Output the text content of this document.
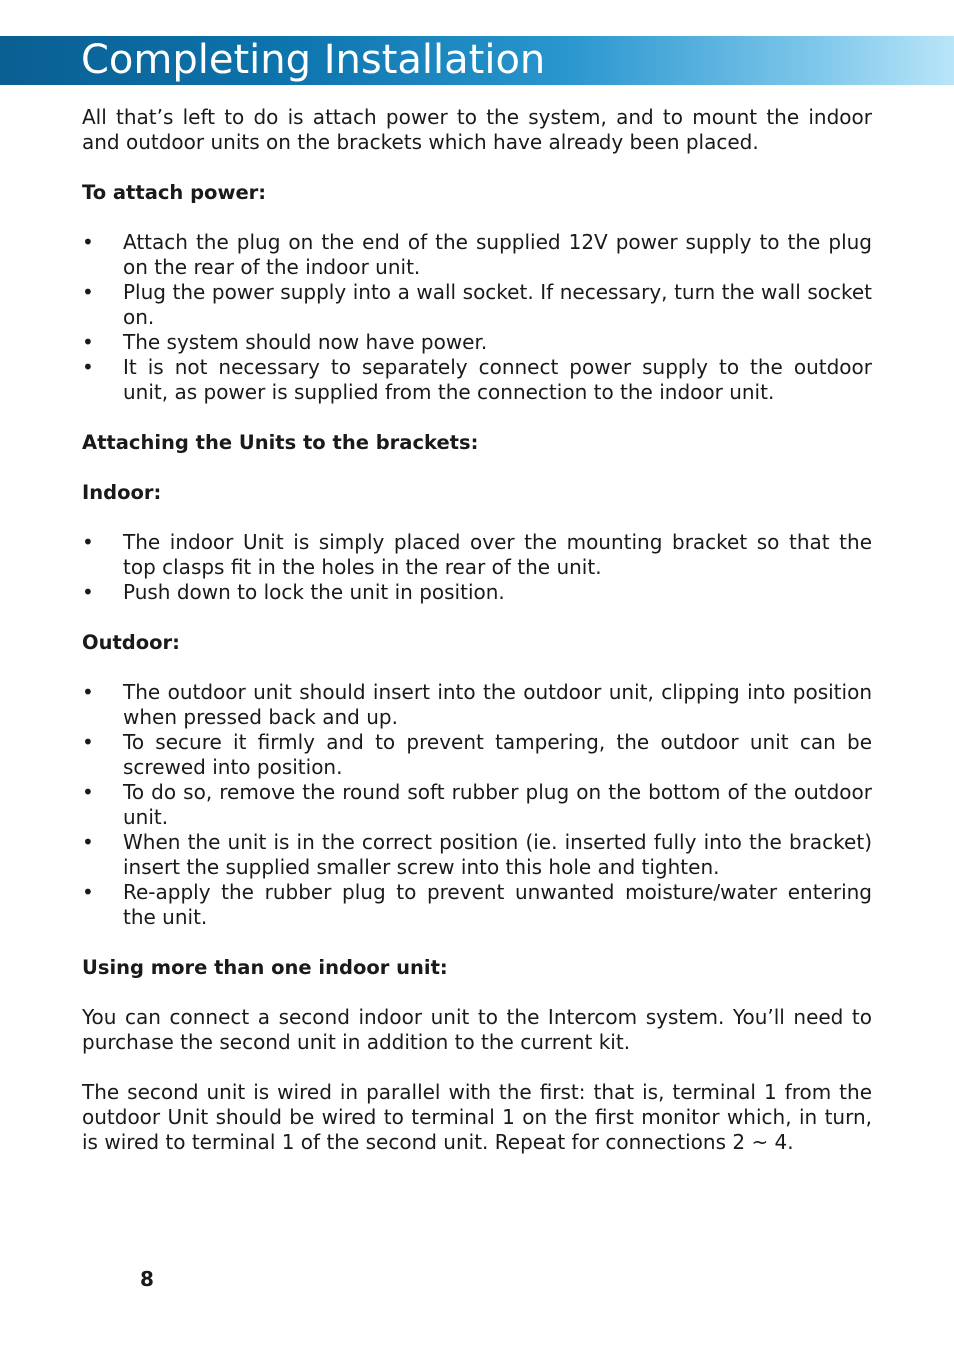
Completing Installation

All that’s left to do is attach power to the system, and to mount the indoor and outdoor units on the brackets which have already been placed.

To attach power:
•	Attach the plug on the end of the supplied 12V power supply to the plug on the rear of the indoor unit.
•	Plug the power supply into a wall socket. If necessary, turn the wall socket on.
•	The system should now have power.
•	It is not necessary to separately connect power supply to the outdoor unit, as power is supplied from the connection to the indoor unit.
Attaching the Units to the brackets:
Indoor:
•	The indoor Unit is simply placed over the mounting bracket so that the top clasps fit in the holes in the rear of the unit.
•	Push down to lock the unit in position.
Outdoor:
•	The outdoor unit should insert into the outdoor unit, clipping into position when pressed back and up.
•	To secure it firmly and to prevent tampering, the outdoor unit can be screwed into position.
•	To do so, remove the round soft rubber plug on the bottom of the outdoor unit.
•	When the unit is in the correct position (ie. inserted fully into the bracket) insert the supplied smaller screw into this hole and tighten.
•	Re-apply the rubber plug to prevent unwanted moisture/water entering the unit.
Using more than one indoor unit:

You can connect a second indoor unit to the Intercom system. You’ll need to purchase the second unit in addition to the current kit.

The second unit is wired in parallel with the first: that is, terminal 1 from the outdoor Unit should be wired to terminal 1 on the first monitor which, in turn, is wired to terminal 1 of the second unit. Repeat for connections 2 ~ 4.

8
